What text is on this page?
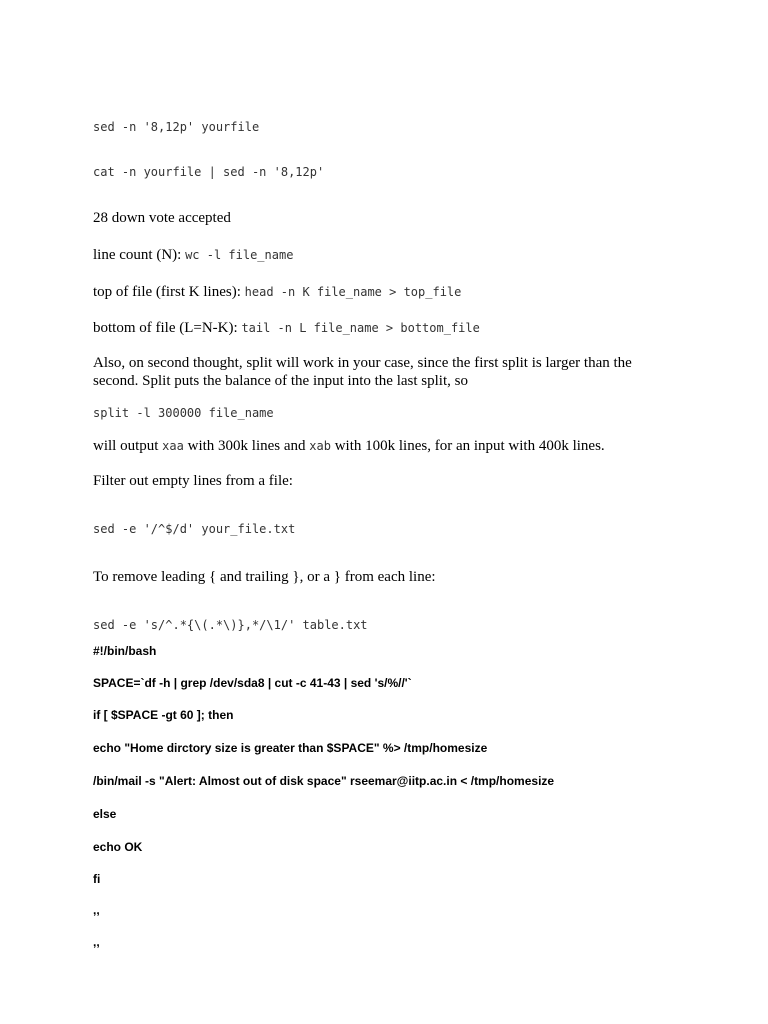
sed -n '8,12p' yourfile

cat -n yourfile | sed -n '8,12p'

28 down vote accepted

line count (N): wc -l file_name

top of file (first K lines): head -n K file_name > top_file

bottom of file (L=N-K): tail -n L file_name > bottom_file

Also, on second thought, split will work in your case, since the first split is larger than the second. Split puts the balance of the input into the last split, so

split -l 300000 file_name

will output xaa with 300k lines and xab with 100k lines, for an input with 400k lines.

Filter out empty lines from a file:

sed -e '/^$/d' your_file.txt

To remove leading { and trailing }, or a } from each line:

sed -e 's/^.*{\(.*\)},*/\1/' table.txt

#!/bin/bash

SPACE=`df -h | grep /dev/sda8 | cut -c 41-43 | sed 's/%//'`

if [ $SPACE -gt 60 ]; then

echo "Home dirctory size is greater than $SPACE" %> /tmp/homesize

/bin/mail -s "Alert: Almost out of disk space" rseemar@iitp.ac.in < /tmp/homesize

else

echo OK

fi

,,

,,
